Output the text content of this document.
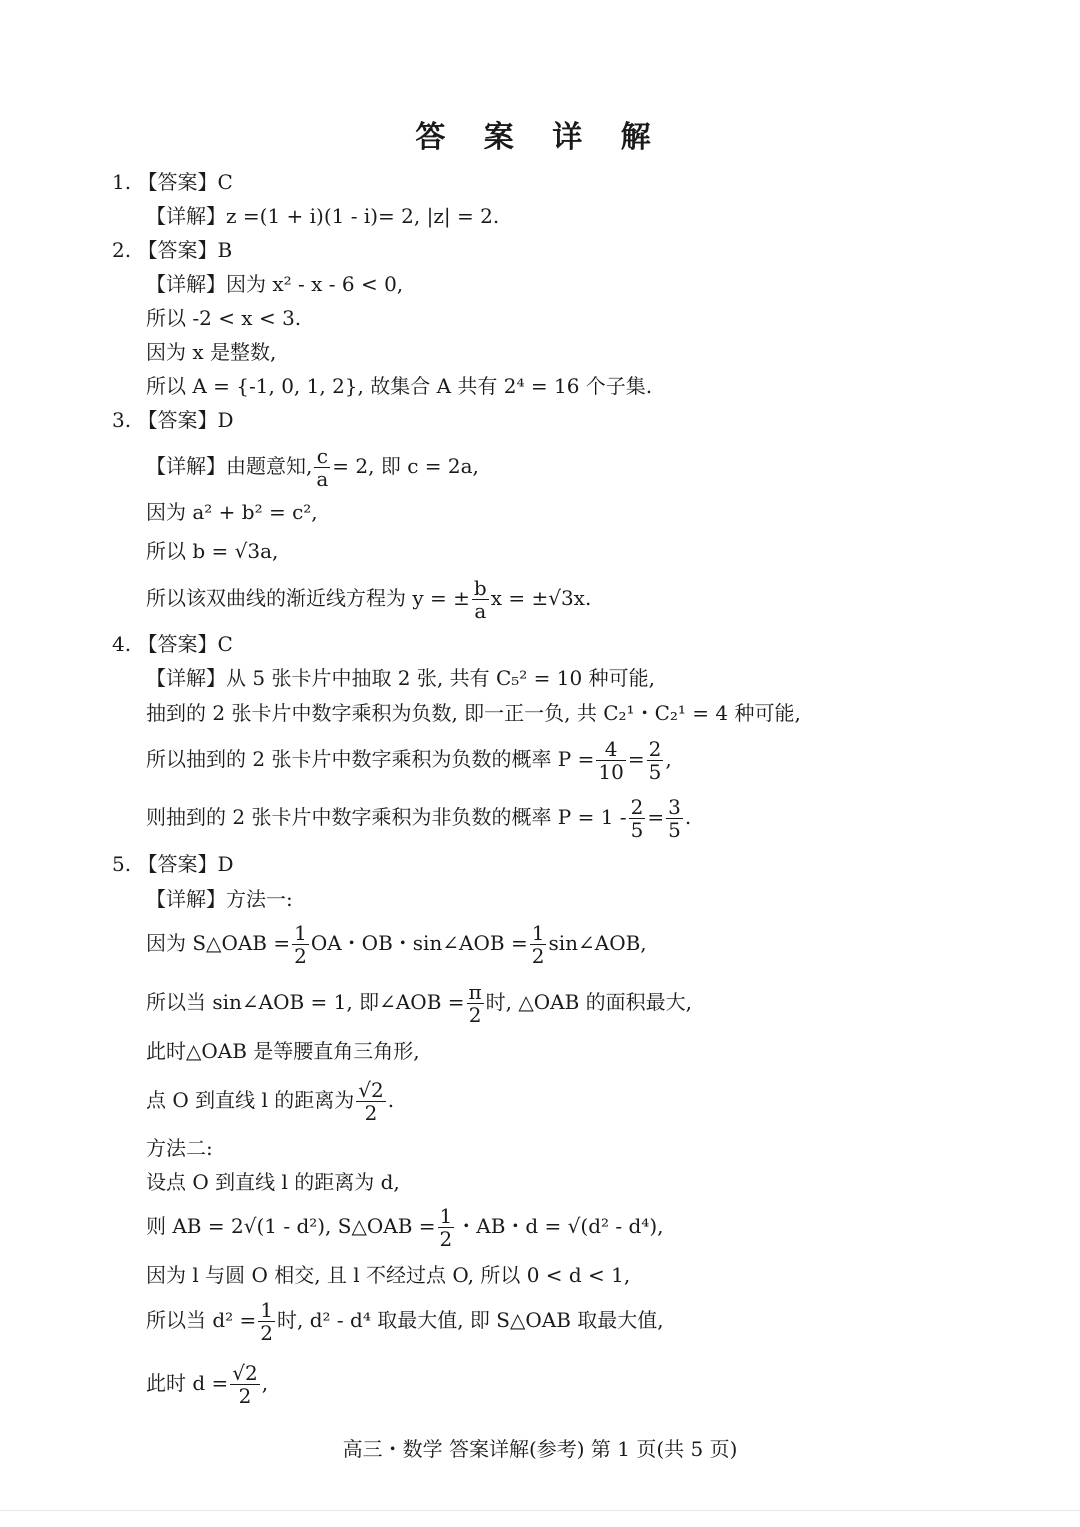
答 案 详 解
1. 【答案】C
【详解】z =(1 + i)(1 - i)= 2, |z| = 2.
2. 【答案】B
【详解】因为 x² - x - 6 < 0,
所以 -2 < x < 3.
因为 x 是整数,
所以 A = {-1, 0, 1, 2}, 故集合 A 共有 2⁴ = 16 个子集.
3. 【答案】D
【详解】由题意知, $\frac{c}{a} = 2$, 即 c = 2a,
因为 a² + b² = c²,
所以 b = √3a,
所以该双曲线的渐近线方程为 y = ± $\frac{b}{a}$ x = ±√3x.
4. 【答案】C
【详解】从 5 张卡片中抽取 2 张, 共有 C₅² = 10 种可能,
抽到的 2 张卡片中数字乘积为负数, 即一正一负, 共 C₂¹・C₂¹ = 4 种可能,
所以抽到的 2 张卡片中数字乘积为负数的概率 $P = \frac{4}{10} = \frac{2}{5}$ ,
则抽到的 2 张卡片中数字乘积为非负数的概率 $P = 1 - \frac{2}{5} = \frac{3}{5}$ .
5. 【答案】D
【详解】方法一:
因为 S△OAB = $\frac{1}{2}$ OA・OB・sin∠AOB = $\frac{1}{2}$ sin∠AOB,
所以当 sin∠AOB = 1, 即∠AOB = $\frac{\pi}{2}$ 时, △OAB 的面积最大,
此时△OAB 是等腰直角三角形,
点 O 到直线 l 的距离为 $\frac{√2}{2}$ .
方法二:
设点 O 到直线 l 的距离为 d,
则 AB = 2√(1 - d²), S△OAB = $\frac{1}{2}$ ・AB・d = √(d² - d⁴),
因为 l 与圆 O 相交, 且 l 不经过点 O, 所以 0 < d < 1,
所以当 $d^2 = \frac{1}{2}$ 时, d² - d⁴ 取最大值, 即 S△OAB 取最大值,
此时 $d = \frac{√2}{2}$ ,
高三・数学 答案详解(参考) 第 1 页(共 5 页)
